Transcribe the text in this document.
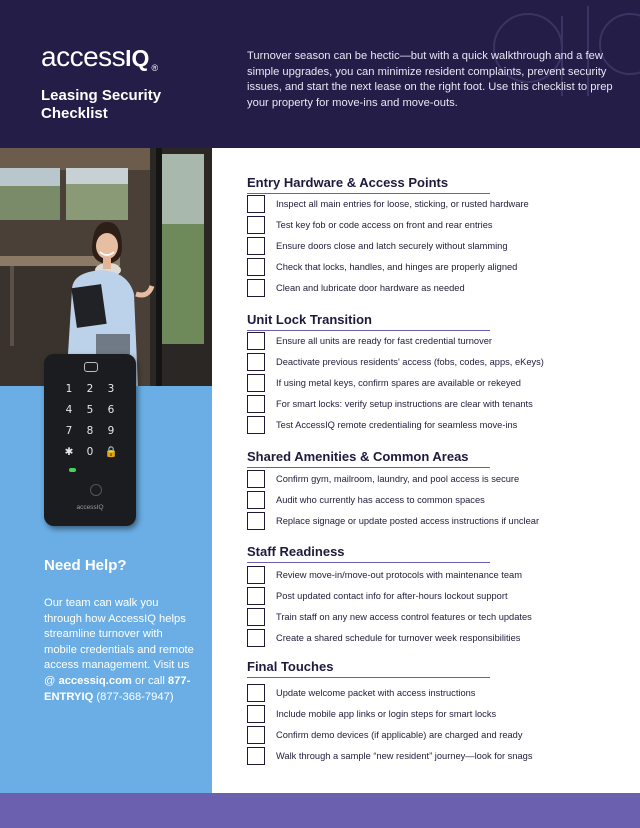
access IQ ®
Leasing Security Checklist
Turnover season can be hectic—but with a quick walkthrough and a few simple upgrades, you can minimize resident complaints, prevent security issues, and start the next lease on the right foot. Use this checklist to prep your property for move-ins and move-outs.
1	2	3
4	5	6
7	8	9
✱	0	🔒
accessIQ
Need Help?
Our team can walk you through how AccessIQ helps streamline turnover with mobile credentials and remote access management. Visit us @ accessiq.com or call 877-ENTRYIQ (877-368-7947)
Entry Hardware & Access Points
Inspect all main entries for loose, sticking, or rusted hardware
Test key fob or code access on front and rear entries
Ensure doors close and latch securely without slamming
Check that locks, handles, and hinges are properly aligned
Clean and lubricate door hardware as needed
Unit Lock Transition
Ensure all units are ready for fast credential turnover
Deactivate previous residents' access (fobs, codes, apps, eKeys)
If using metal keys, confirm spares are available or rekeyed
For smart locks: verify setup instructions are clear with tenants
Test AccessIQ remote credentialing for seamless move-ins
Shared Amenities & Common Areas
Confirm gym, mailroom, laundry, and pool access is secure
Audit who currently has access to common spaces
Replace signage or update posted access instructions if unclear
Staff Readiness
Review move-in/move-out protocols with maintenance team
Post updated contact info for after-hours lockout support
Train staff on any new access control features or tech updates
Create a shared schedule for turnover week responsibilities
Final Touches
Update welcome packet with access instructions
Include mobile app links or login steps for smart locks
Confirm demo devices (if applicable) are charged and ready
Walk through a sample “new resident” journey—look for snags
